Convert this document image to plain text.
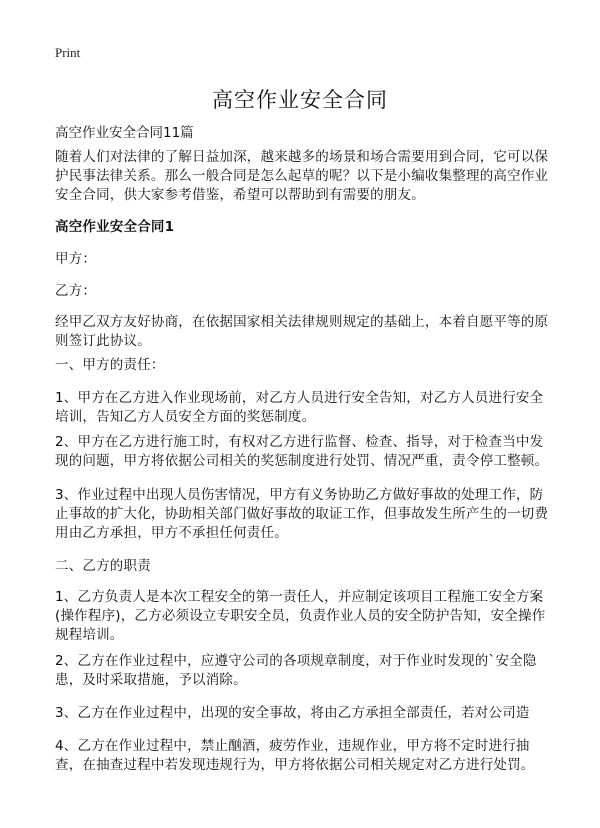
Print
高空作业安全合同
高空作业安全合同11篇
随着人们对法律的了解日益加深，越来越多的场景和场合需要用到合同，它可以保护民事法律关系。那么一般合同是怎么起草的呢？以下是小编收集整理的高空作业安全合同，供大家参考借鉴，希望可以帮助到有需要的朋友。
高空作业安全合同1
甲方：
乙方：
经甲乙双方友好协商，在依据国家相关法律规则规定的基础上，本着自愿平等的原则签订此协议。
一、甲方的责任：
1、甲方在乙方进入作业现场前，对乙方人员进行安全告知，对乙方人员进行安全培训，告知乙方人员安全方面的奖惩制度。
2、甲方在乙方进行施工时，有权对乙方进行监督、检查、指导，对于检查当中发现的问题，甲方将依据公司相关的奖惩制度进行处罚、情况严重，责令停工整顿。
3、作业过程中出现人员伤害情况，甲方有义务协助乙方做好事故的处理工作，防止事故的扩大化，协助相关部门做好事故的取证工作，但事故发生所产生的一切费用由乙方承担，甲方不承担任何责任。
二、乙方的职责
1、乙方负责人是本次工程安全的第一责任人，并应制定该项目工程施工安全方案(操作程序)，乙方必须设立专职安全员，负责作业人员的安全防护告知，安全操作规程培训。
2、乙方在作业过程中，应遵守公司的各项规章制度，对于作业时发现的`安全隐患，及时采取措施，予以消除。
3、乙方在作业过程中，出现的安全事故，将由乙方承担全部责任，若对公司造
4、乙方在作业过程中，禁止酗酒，疲劳作业，违规作业，甲方将不定时进行抽查，在抽查过程中若发现违规行为，甲方将依据公司相关规定对乙方进行处罚。
